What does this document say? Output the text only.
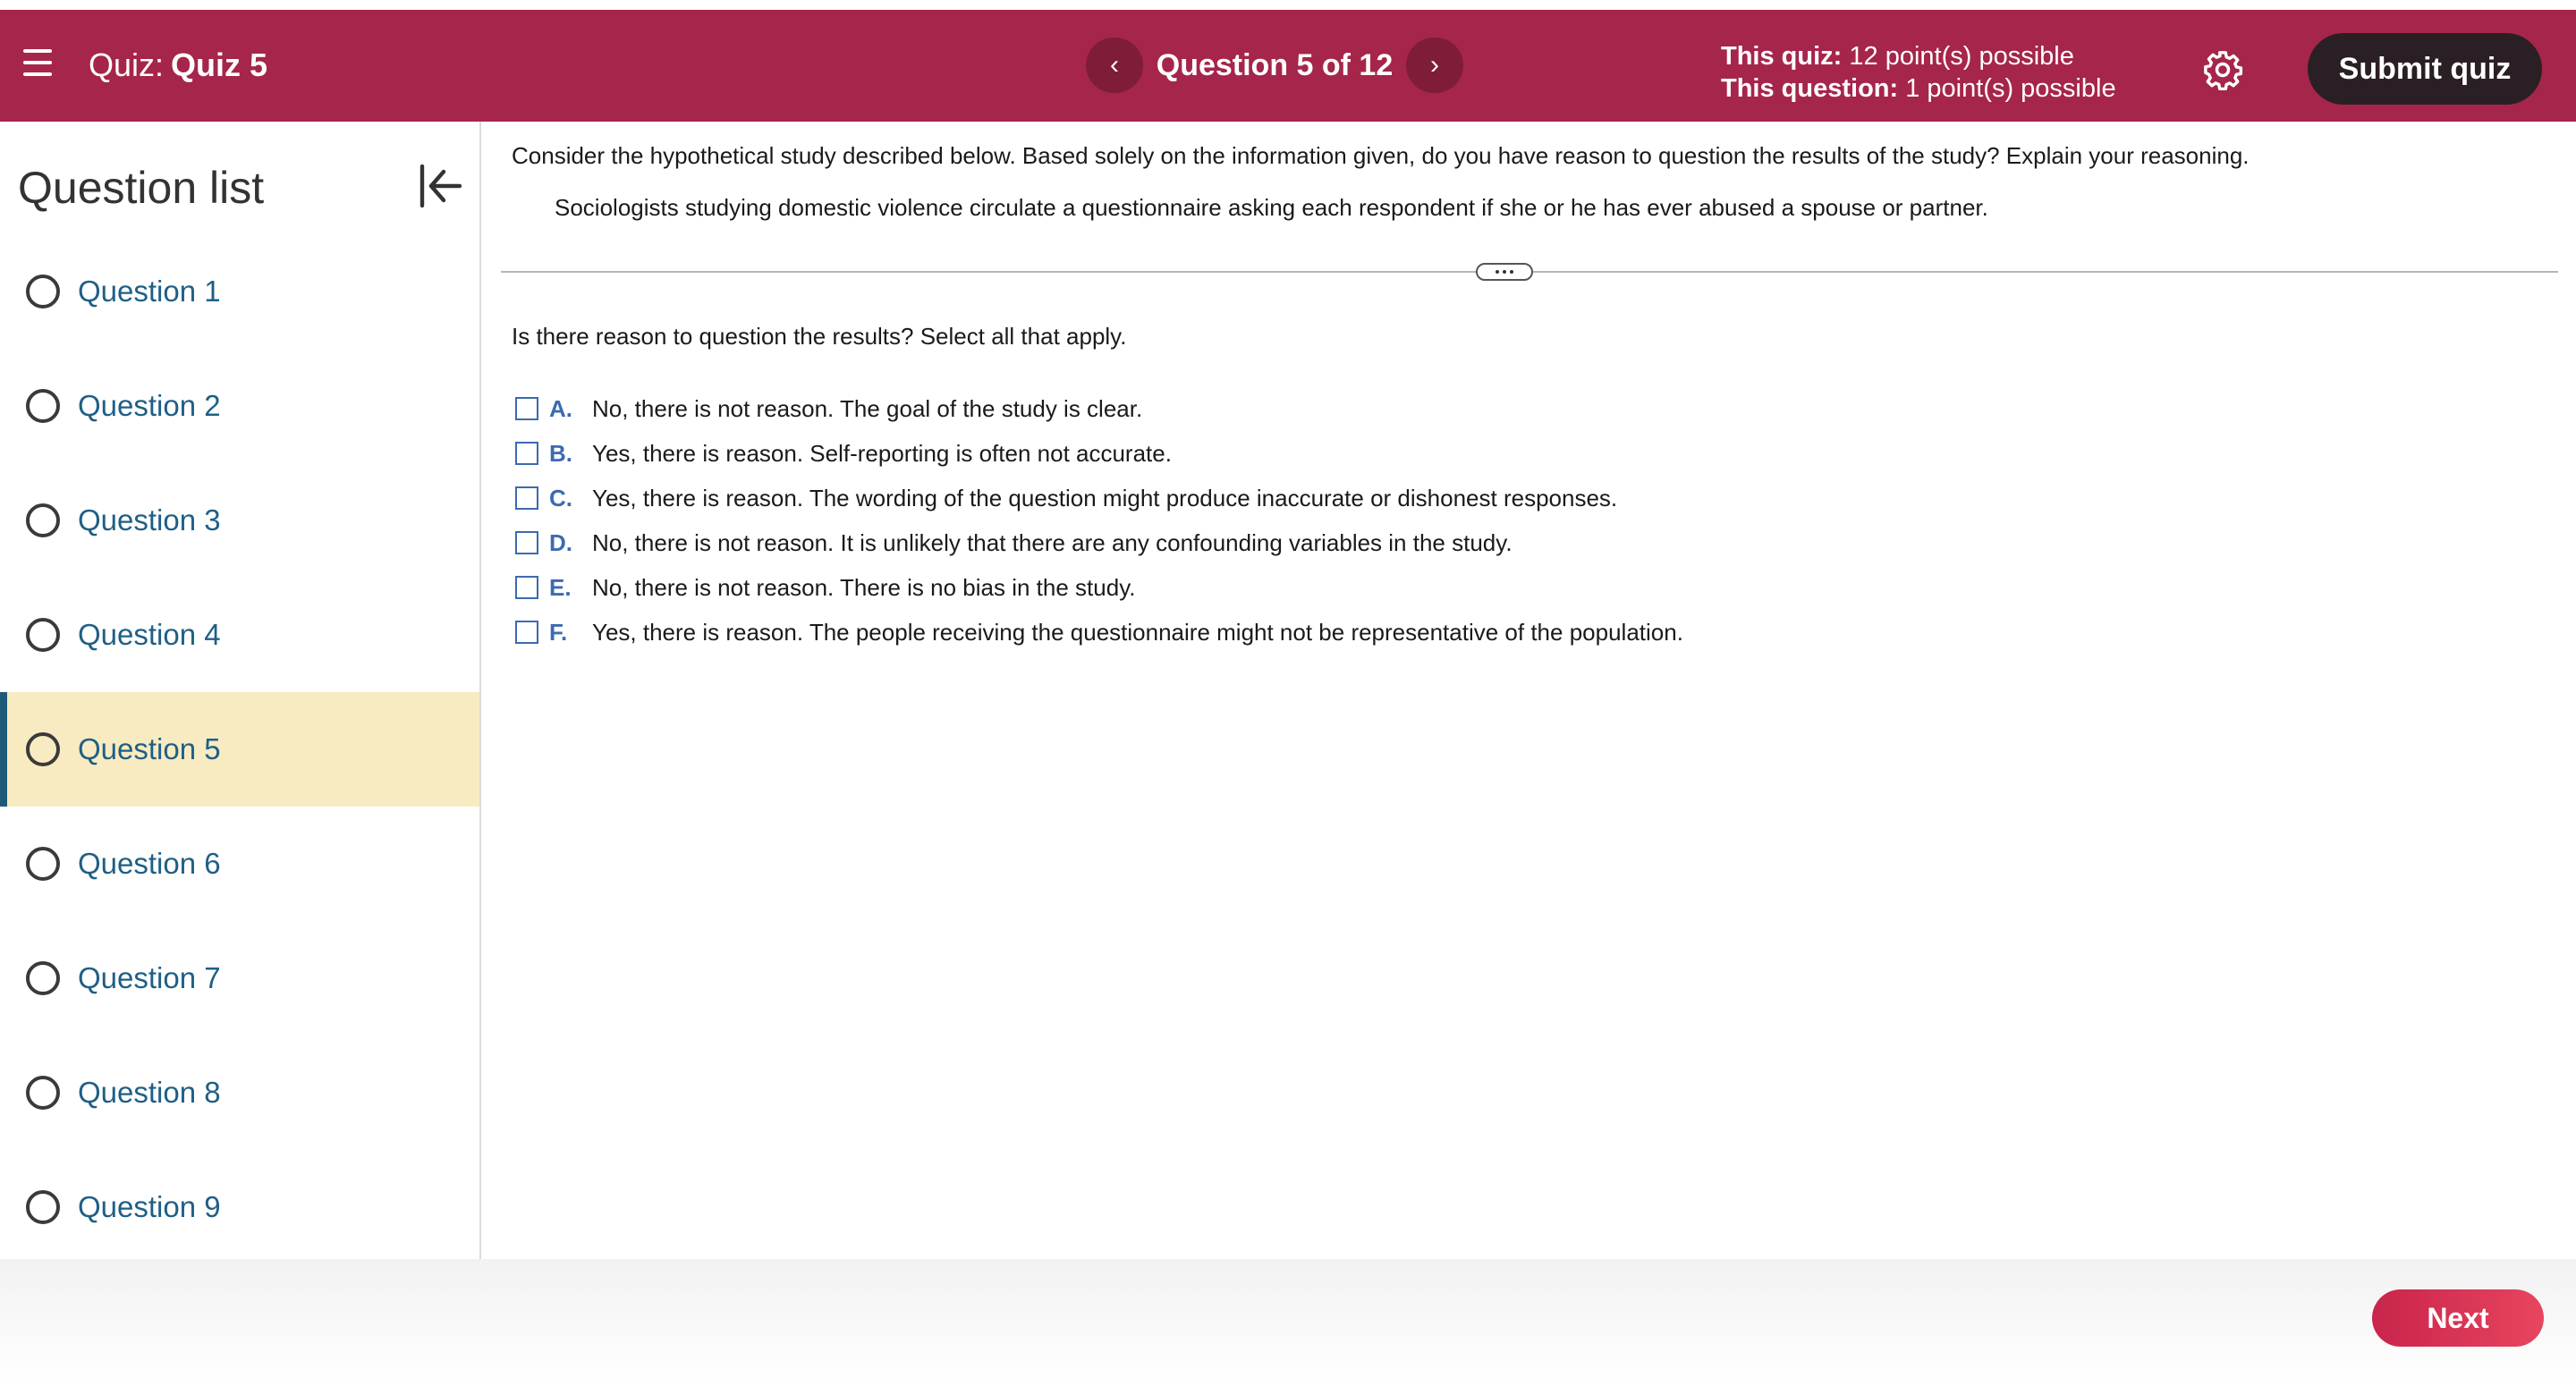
Quiz: Quiz 5	‹ Question 5 of 12 ›	This quiz: 12 point(s) possible
This question: 1 point(s) possible
Submit quiz
Question list
Question 1
Question 2
Question 3
Question 4
Question 5
Question 6
Question 7
Question 8
Question 9
Consider the hypothetical study described below. Based solely on the information given, do you have reason to question the results of the study? Explain your reasoning.
Sociologists studying domestic violence circulate a questionnaire asking each respondent if she or he has ever abused a spouse or partner.
Is there reason to question the results? Select all that apply.
A. No, there is not reason. The goal of the study is clear.
B. Yes, there is reason. Self-reporting is often not accurate.
C. Yes, there is reason. The wording of the question might produce inaccurate or dishonest responses.
D. No, there is not reason. It is unlikely that there are any confounding variables in the study.
E. No, there is not reason. There is no bias in the study.
F.	Yes, there is reason. The people receiving the questionnaire might not be representative of the population.
Next
